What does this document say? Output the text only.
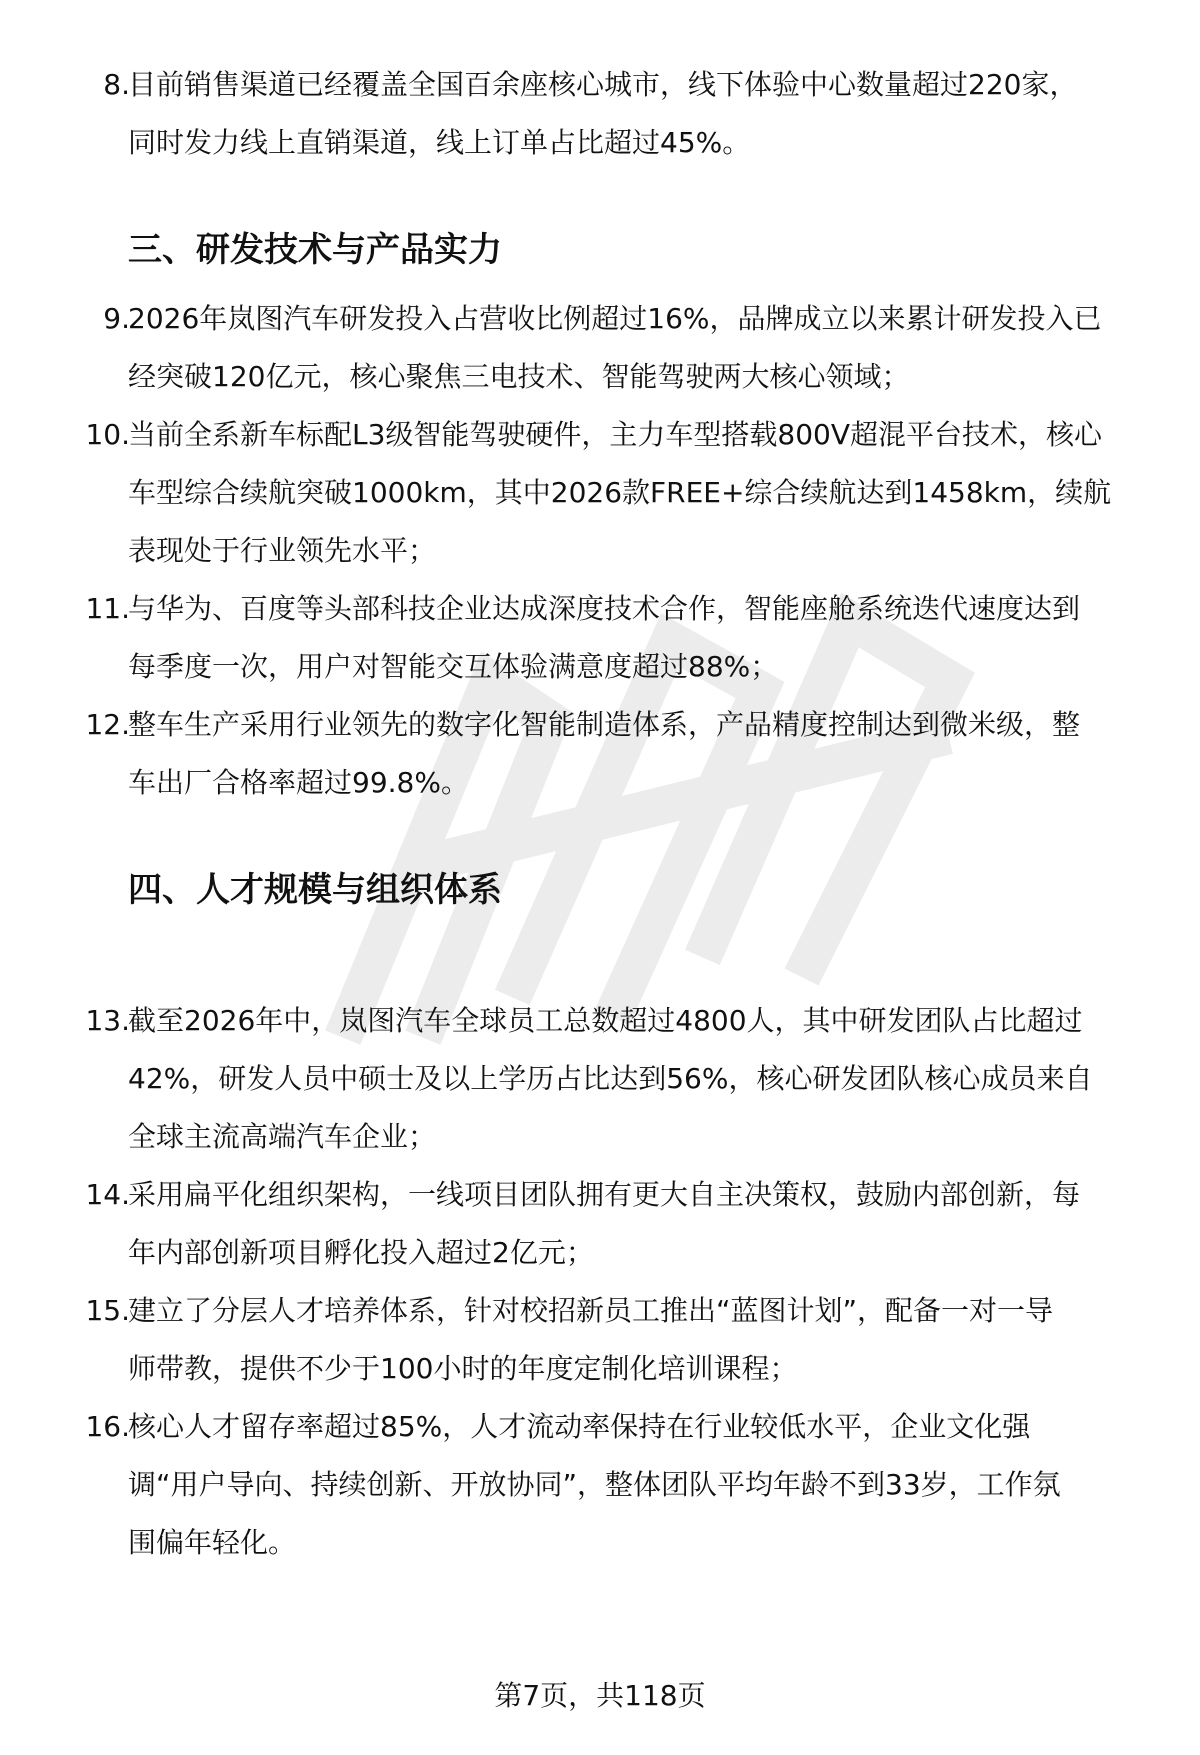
8.
目前销售渠道已经覆盖全国百余座核心城市，线下体验中心数量超过220家，
同时发力线上直销渠道，线上订单占比超过45%。
三、研发技术与产品实力
9.
2026年岚图汽车研发投入占营收比例超过16%，品牌成立以来累计研发投入已
经突破120亿元，核心聚焦三电技术、智能驾驶两大核心领域；
10.
当前全系新车标配L3级智能驾驶硬件，主力车型搭载800V超混平台技术，核心
车型综合续航突破1000km，其中2026款FREE+综合续航达到1458km，续航
表现处于行业领先水平；
11.
与华为、百度等头部科技企业达成深度技术合作，智能座舱系统迭代速度达到
每季度一次，用户对智能交互体验满意度超过88%；
12.
整车生产采用行业领先的数字化智能制造体系，产品精度控制达到微米级，整
车出厂合格率超过99.8%。
四、人才规模与组织体系
13.
截至2026年中，岚图汽车全球员工总数超过4800人，其中研发团队占比超过
42%，研发人员中硕士及以上学历占比达到56%，核心研发团队核心成员来自
全球主流高端汽车企业；
14.
采用扁平化组织架构，一线项目团队拥有更大自主决策权，鼓励内部创新，每
年内部创新项目孵化投入超过2亿元；
15.
建立了分层人才培养体系，针对校招新员工推出“蓝图计划”，配备一对一导
师带教，提供不少于100小时的年度定制化培训课程；
16.
核心人才留存率超过85%，人才流动率保持在行业较低水平，企业文化强
调“用户导向、持续创新、开放协同”，整体团队平均年龄不到33岁，工作氛
围偏年轻化。
第7页，共118页
